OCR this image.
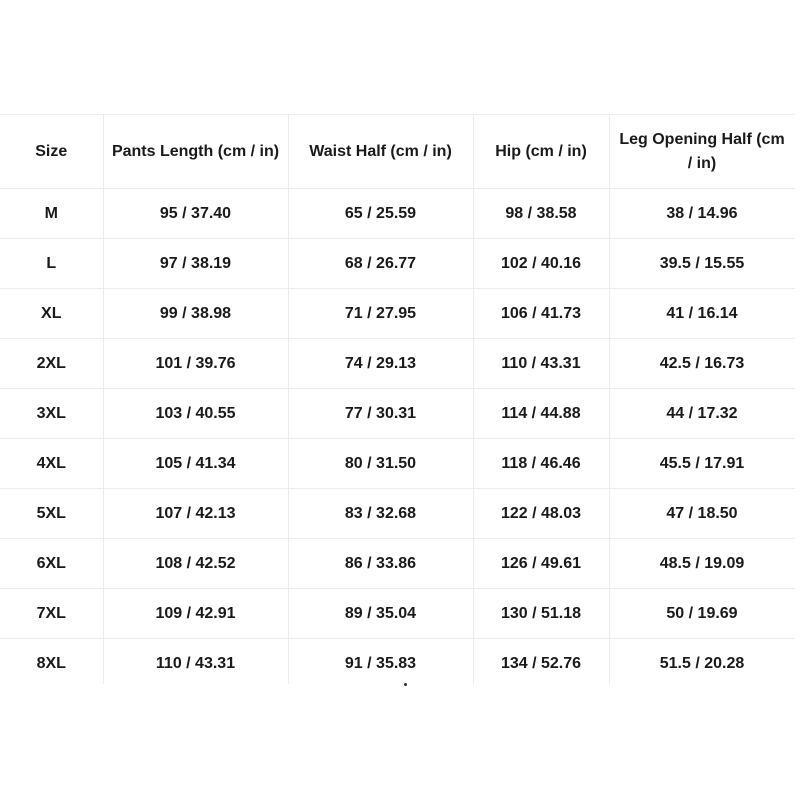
Size	Pants Length (cm / in)	Waist Half (cm / in)	Hip (cm / in)	Leg Opening Half (cm / in)
M	95 / 37.40	65 / 25.59	98 / 38.58	38 / 14.96
L	97 / 38.19	68 / 26.77	102 / 40.16	39.5 / 15.55
XL	99 / 38.98	71 / 27.95	106 / 41.73	41 / 16.14
2XL	101 / 39.76	74 / 29.13	110 / 43.31	42.5 / 16.73
3XL	103 / 40.55	77 / 30.31	114 / 44.88	44 / 17.32
4XL	105 / 41.34	80 / 31.50	118 / 46.46	45.5 / 17.91
5XL	107 / 42.13	83 / 32.68	122 / 48.03	47 / 18.50
6XL	108 / 42.52	86 / 33.86	126 / 49.61	48.5 / 19.09
7XL	109 / 42.91	89 / 35.04	130 / 51.18	50 / 19.69
8XL	110 / 43.31	91 / 35.83	134 / 52.76	51.5 / 20.28
